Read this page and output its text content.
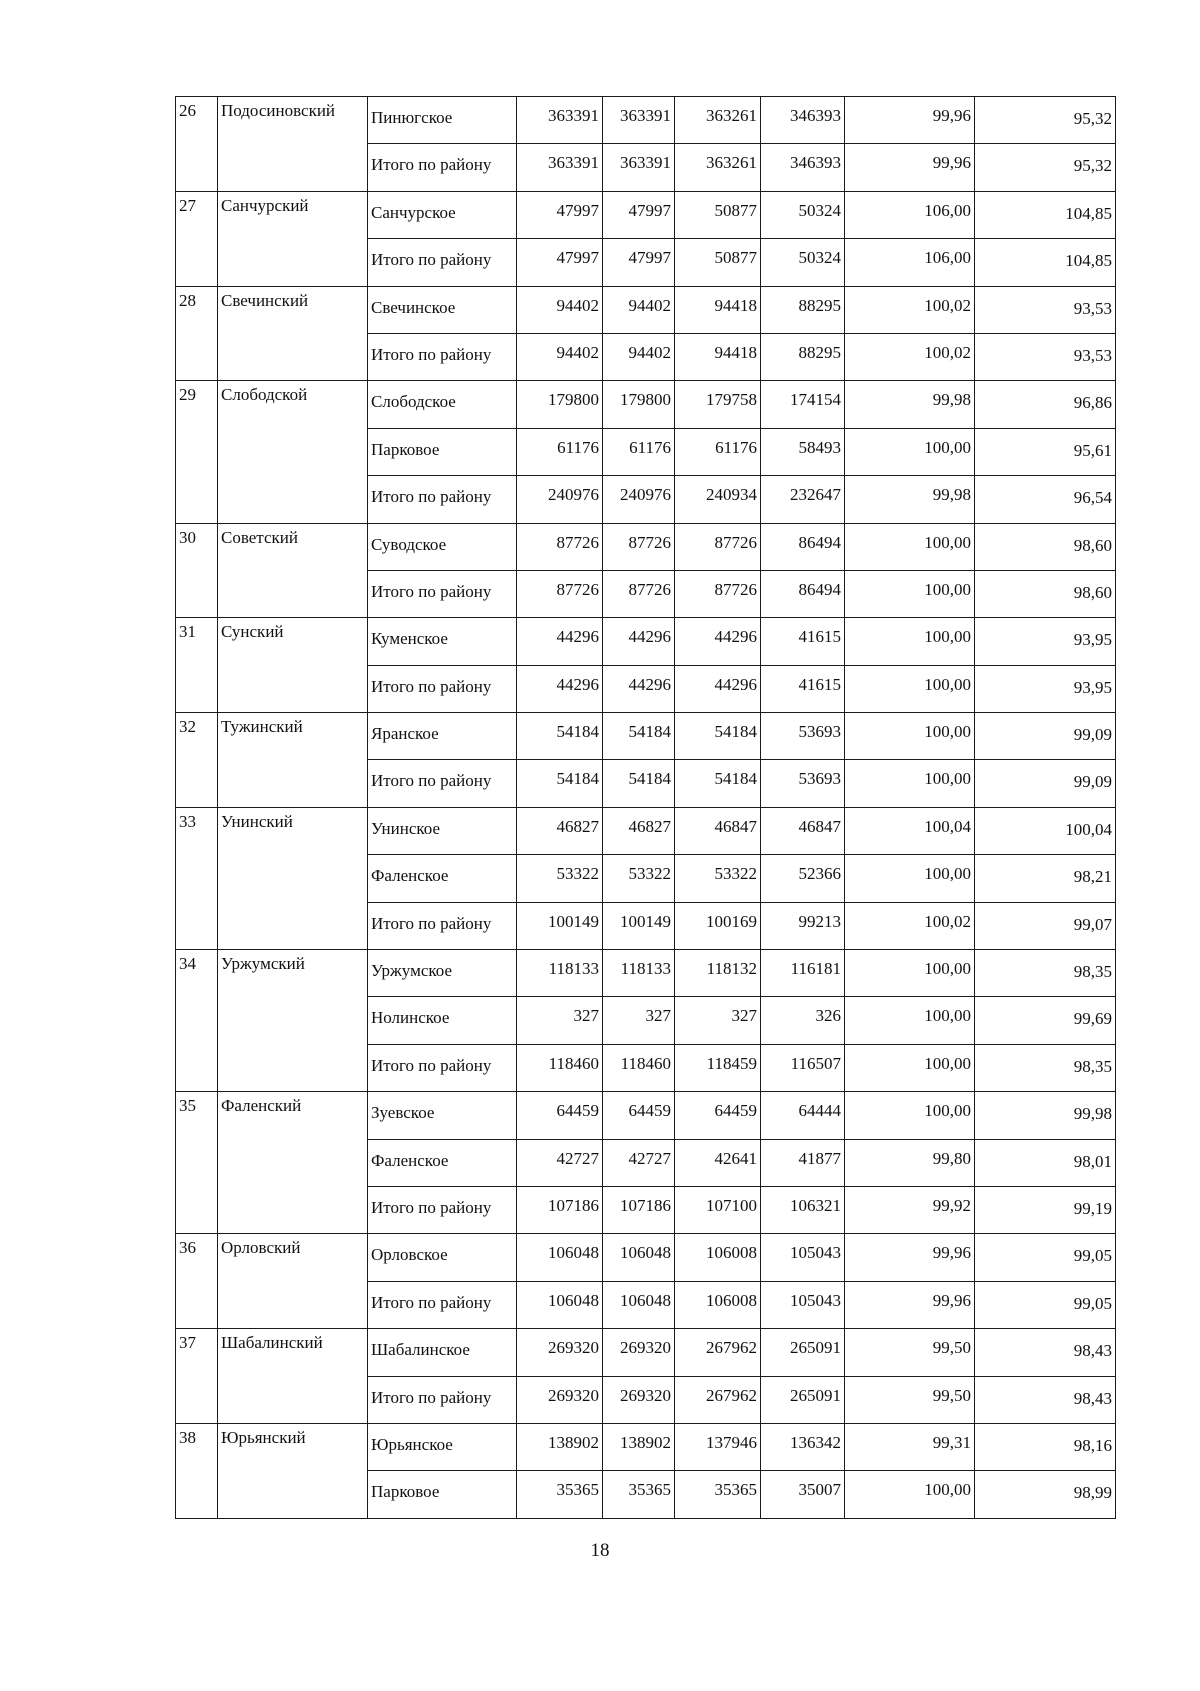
26	Подосиновский	Пинюгское	363391	363391	363261	346393	99,96	95,32

		Итого по району	363391	363391	363261	346393	99,96	95,32

27	Санчурский	Санчурское	47997	47997	50877	50324	106,00	104,85

		Итого по району	47997	47997	50877	50324	106,00	104,85

28	Свечинский	Свечинское	94402	94402	94418	88295	100,02	93,53

		Итого по району	94402	94402	94418	88295	100,02	93,53

29	Слободской	Слободское	179800	179800	179758	174154	99,98	96,86

		Парковое	61176	61176	61176	58493	100,00	95,61

		Итого по району	240976	240976	240934	232647	99,98	96,54

30	Советский	Суводское	87726	87726	87726	86494	100,00	98,60

		Итого по району	87726	87726	87726	86494	100,00	98,60

31	Сунский	Куменское	44296	44296	44296	41615	100,00	93,95

		Итого по району	44296	44296	44296	41615	100,00	93,95

32	Тужинский	Яранское	54184	54184	54184	53693	100,00	99,09

		Итого по району	54184	54184	54184	53693	100,00	99,09

33	Унинский	Унинское	46827	46827	46847	46847	100,04	100,04

		Фаленское	53322	53322	53322	52366	100,00	98,21

		Итого по району	100149	100149	100169	99213	100,02	99,07

34	Уржумский	Уржумское	118133	118133	118132	116181	100,00	98,35

		Нолинское	327	327	327	326	100,00	99,69

		Итого по району	118460	118460	118459	116507	100,00	98,35

35	Фаленский	Зуевское	64459	64459	64459	64444	100,00	99,98

		Фаленское	42727	42727	42641	41877	99,80	98,01

		Итого по району	107186	107186	107100	106321	99,92	99,19

36	Орловский	Орловское	106048	106048	106008	105043	99,96	99,05

		Итого по району	106048	106048	106008	105043	99,96	99,05

37	Шабалинский	Шабалинское	269320	269320	267962	265091	99,50	98,43

		Итого по району	269320	269320	267962	265091	99,50	98,43

38	Юрьянский	Юрьянское	138902	138902	137946	136342	99,31	98,16

		Парковое	35365	35365	35365	35007	100,00	98,99
18
